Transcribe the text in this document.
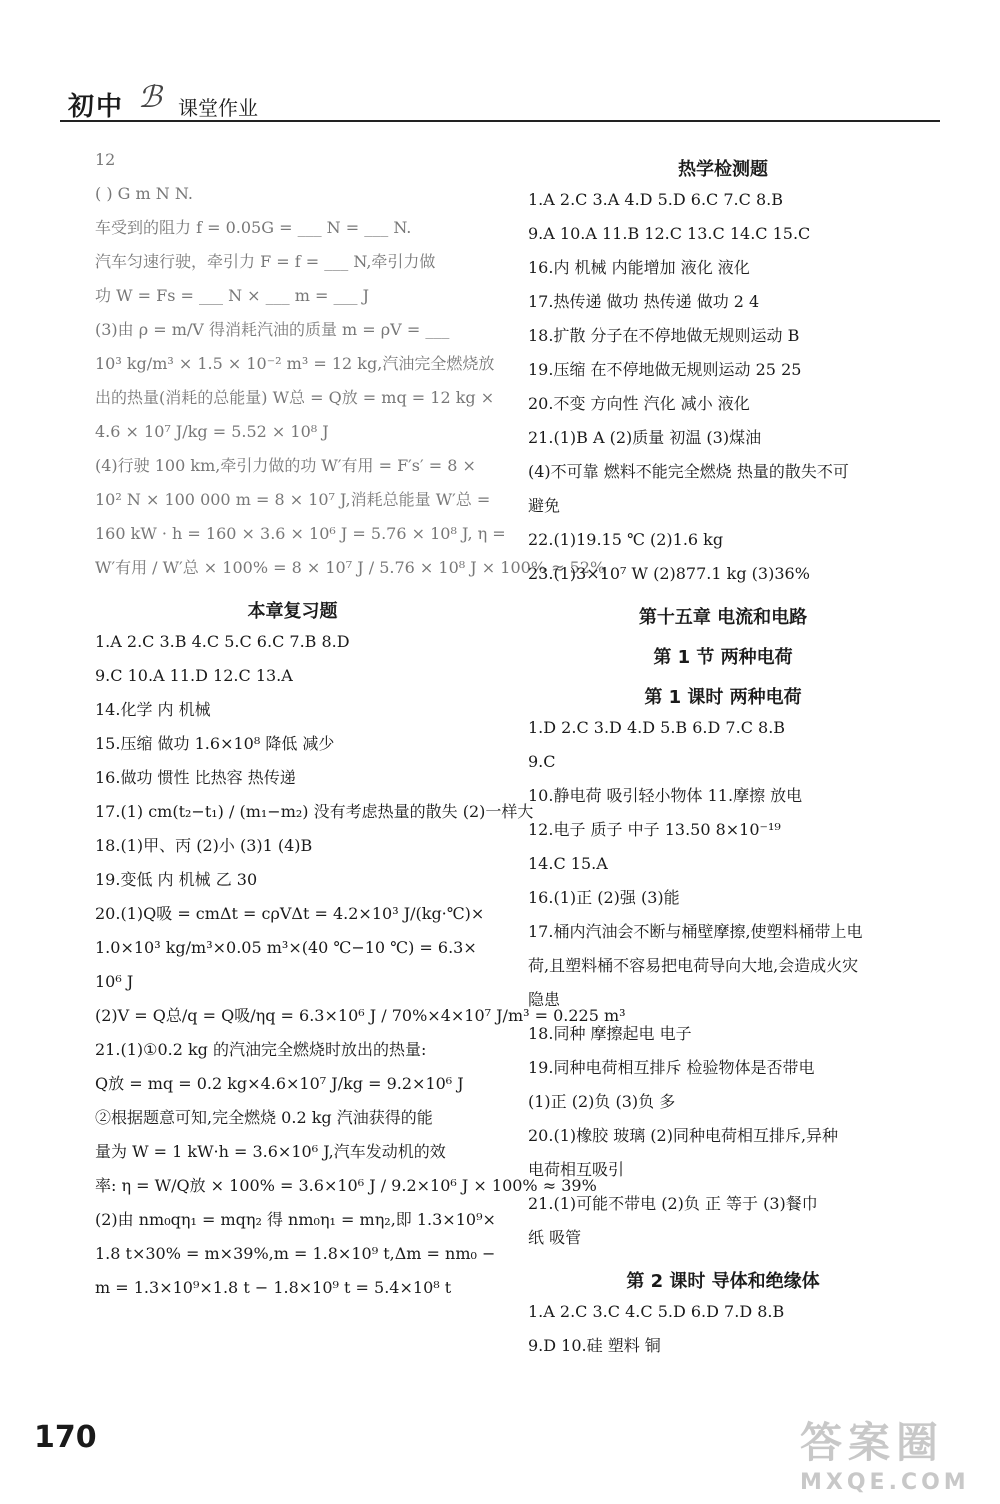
初中 ℬ 课堂作业
12
( ) G m N N.
车受到的阻力 f = 0.05G = ___ N = ___ N.
汽车匀速行驶，牵引力 F = f = ___ N,牵引力做
功 W = Fs = ___ N × ___ m = ___ J
(3)由 ρ = m/V 得消耗汽油的质量 m = ρV = ___
10³ kg/m³ × 1.5 × 10⁻² m³ = 12 kg,汽油完全燃烧放
出的热量(消耗的总能量) W总 = Q放 = mq = 12 kg ×
4.6 × 10⁷ J/kg = 5.52 × 10⁸ J
(4)行驶 100 km,牵引力做的功 W′有用 = F′s′ = 8 ×
10² N × 100 000 m = 8 × 10⁷ J,消耗总能量 W′总 =
160 kW · h = 160 × 3.6 × 10⁶ J = 5.76 × 10⁸ J, η =
W′有用 / W′总 × 100% = 8 × 10⁷ J / 5.76 × 10⁸ J × 100% ≈ 52%
本章复习题
1.A 2.C 3.B 4.C 5.C 6.C 7.B 8.D
9.C 10.A 11.D 12.C 13.A
14.化学 内 机械
15.压缩 做功 1.6×10⁸ 降低 减少
16.做功 惯性 比热容 热传递
17.(1) cm(t₂−t₁) / (m₁−m₂) 没有考虑热量的散失 (2)一样大
18.(1)甲、丙 (2)小 (3)1 (4)B
19.变低 内 机械 乙 30
20.(1)Q吸 = cmΔt = cρVΔt = 4.2×10³ J/(kg·℃)×
1.0×10³ kg/m³×0.05 m³×(40 ℃−10 ℃) = 6.3×
10⁶ J
(2)V = Q总/q = Q吸/ηq = 6.3×10⁶ J / 70%×4×10⁷ J/m³ = 0.225 m³
21.(1)①0.2 kg 的汽油完全燃烧时放出的热量:
Q放 = mq = 0.2 kg×4.6×10⁷ J/kg = 9.2×10⁶ J
②根据题意可知,完全燃烧 0.2 kg 汽油获得的能
量为 W = 1 kW·h = 3.6×10⁶ J,汽车发动机的效
率: η = W/Q放 × 100% = 3.6×10⁶ J / 9.2×10⁶ J × 100% ≈ 39%
(2)由 nm₀qη₁ = mqη₂ 得 nm₀η₁ = mη₂,即 1.3×10⁹×
1.8 t×30% = m×39%,m = 1.8×10⁹ t,Δm = nm₀ −
m = 1.3×10⁹×1.8 t − 1.8×10⁹ t = 5.4×10⁸ t
热学检测题
1.A 2.C 3.A 4.D 5.D 6.C 7.C 8.B
9.A 10.A 11.B 12.C 13.C 14.C 15.C
16.内 机械 内能增加 液化 液化
17.热传递 做功 热传递 做功 2 4
18.扩散 分子在不停地做无规则运动 B
19.压缩 在不停地做无规则运动 25 25
20.不变 方向性 汽化 减小 液化
21.(1)B A (2)质量 初温 (3)煤油
(4)不可靠 燃料不能完全燃烧 热量的散失不可
避免
22.(1)19.15 ℃ (2)1.6 kg
23.(1)3×10⁷ W (2)877.1 kg (3)36%
第十五章 电流和电路
第 1 节 两种电荷
第 1 课时 两种电荷
1.D 2.C 3.D 4.D 5.B 6.D 7.C 8.B
9.C
10.静电荷 吸引轻小物体 11.摩擦 放电
12.电子 质子 中子 13.50 8×10⁻¹⁹
14.C 15.A
16.(1)正 (2)强 (3)能
17.桶内汽油会不断与桶壁摩擦,使塑料桶带上电
荷,且塑料桶不容易把电荷导向大地,会造成火灾
隐患
18.同种 摩擦起电 电子
19.同种电荷相互排斥 检验物体是否带电
(1)正 (2)负 (3)负 多
20.(1)橡胶 玻璃 (2)同种电荷相互排斥,异种
电荷相互吸引
21.(1)可能不带电 (2)负 正 等于 (3)餐巾
纸 吸管
第 2 课时 导体和绝缘体
1.A 2.C 3.C 4.C 5.D 6.D 7.D 8.B
9.D 10.硅 塑料 铜
170	答案圈
MXQE.COM
